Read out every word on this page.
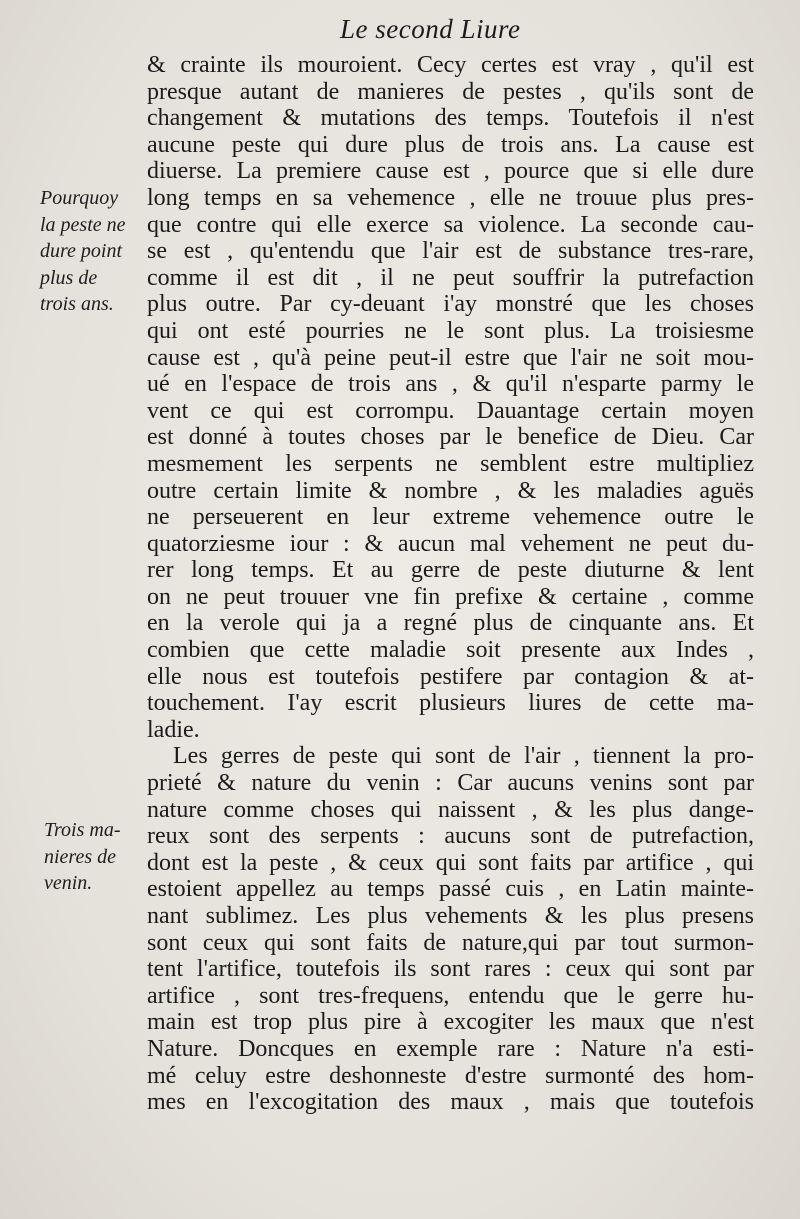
Le second Liure
Pourquoy
la peste ne
dure point
plus de
trois ans.
Trois ma-
nieres de
venin.
& crainte ils mouroient. Cecy certes est vray , qu'il est
presque autant de manieres de pestes , qu'ils sont de
changement & mutations des temps. Toutefois il n'est
aucune peste qui dure plus de trois ans. La cause est
diuerse. La premiere cause est , pource que si elle dure
long temps en sa vehemence , elle ne trouue plus pres-
que contre qui elle exerce sa violence. La seconde cau-
se est , qu'entendu que l'air est de substance tres-rare,
comme il est dit , il ne peut souffrir la putrefaction
plus outre. Par cy-deuant i'ay monstré que les choses
qui ont esté pourries ne le sont plus. La troisiesme
cause est , qu'à peine peut-il estre que l'air ne soit mou-
ué en l'espace de trois ans , & qu'il n'esparte parmy le
vent ce qui est corrompu. Dauantage certain moyen
est donné à toutes choses par le benefice de Dieu. Car
mesmement les serpents ne semblent estre multipliez
outre certain limite & nombre , & les maladies aguës
ne perseuerent en leur extreme vehemence outre le
quatorziesme iour : & aucun mal vehement ne peut du-
rer long temps. Et au gerre de peste diuturne & lent
on ne peut trouuer vne fin prefixe & certaine , comme
en la verole qui ja a regné plus de cinquante ans. Et
combien que cette maladie soit presente aux Indes ,
elle nous est toutefois pestifere par contagion & at-
touchement. I'ay escrit plusieurs liures de cette ma-
ladie.
Les gerres de peste qui sont de l'air , tiennent la pro-
prieté & nature du venin : Car aucuns venins sont par
nature comme choses qui naissent , & les plus dange-
reux sont des serpents : aucuns sont de putrefaction,
dont est la peste , & ceux qui sont faits par artifice , qui
estoient appellez au temps passé cuis , en Latin mainte-
nant sublimez. Les plus vehements & les plus presens
sont ceux qui sont faits de nature,qui par tout surmon-
tent l'artifice, toutefois ils sont rares : ceux qui sont par
artifice , sont tres-frequens, entendu que le gerre hu-
main est trop plus pire à excogiter les maux que n'est
Nature. Doncques en exemple rare : Nature n'a esti-
mé celuy estre deshonneste d'estre surmonté des hom-
mes en l'excogitation des maux , mais que toutefois
